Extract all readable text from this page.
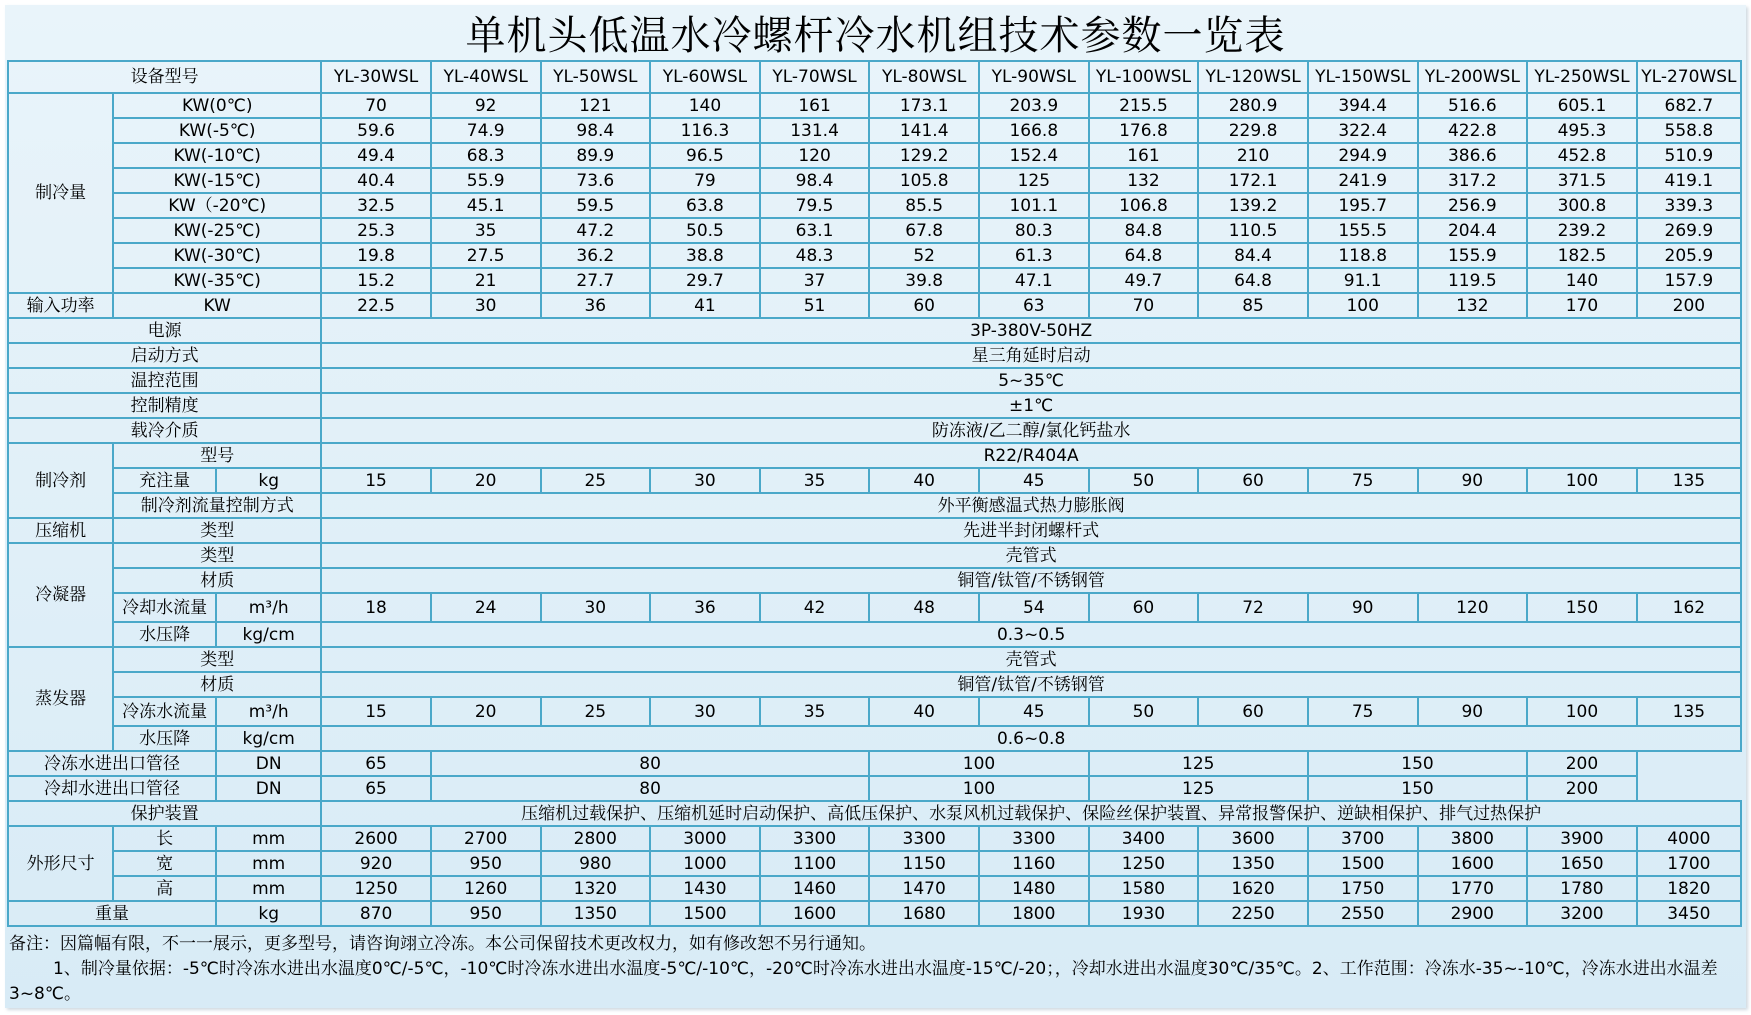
单机头低温水冷螺杆冷水机组技术参数一览表
设备型号			YL-30WSL	YL-40WSL	YL-50WSL	YL-60WSL	YL-70WSL	YL-80WSL	YL-90WSL	YL-100WSL	YL-120WSL	YL-150WSL	YL-200WSL	YL-250WSL	YL-270WSL
制冷量	KW(0℃)		70	92	121	140	161	173.1	203.9	215.5	280.9	394.4	516.6	605.1	682.7
	KW(-5℃)		59.6	74.9	98.4	116.3	131.4	141.4	166.8	176.8	229.8	322.4	422.8	495.3	558.8
	KW(-10℃)		49.4	68.3	89.9	96.5	120	129.2	152.4	161	210	294.9	386.6	452.8	510.9
	KW(-15℃)		40.4	55.9	73.6	79	98.4	105.8	125	132	172.1	241.9	317.2	371.5	419.1
	KW（-20℃)		32.5	45.1	59.5	63.8	79.5	85.5	101.1	106.8	139.2	195.7	256.9	300.8	339.3
	KW(-25℃)		25.3	35	47.2	50.5	63.1	67.8	80.3	84.8	110.5	155.5	204.4	239.2	269.9
	KW(-30℃)		19.8	27.5	36.2	38.8	48.3	52	61.3	64.8	84.4	118.8	155.9	182.5	205.9
	KW(-35℃)		15.2	21	27.7	29.7	37	39.8	47.1	49.7	64.8	91.1	119.5	140	157.9
输入功率	KW		22.5	30	36	41	51	60	63	70	85	100	132	170	200
电源			3P-380V-50HZ												
启动方式			星三角延时启动												
温控范围			5~35℃												
控制精度			±1℃												
载冷介质			防冻液/乙二醇/氯化钙盐水												
制冷剂	型号		R22/R404A												
	充注量	kg	15	20	25	30	35	40	45	50	60	75	90	100	135
	制冷剂流量控制方式		外平衡感温式热力膨胀阀												
压缩机	类型		先进半封闭螺杆式												
冷凝器	类型		壳管式												
	材质		铜管/钛管/不锈钢管												
	冷却水流量	m³/h	18	24	30	36	42	48	54	60	72	90	120	150	162
	水压降	kg/cm	0.3~0.5												
蒸发器	类型		壳管式												
	材质		铜管/钛管/不锈钢管												
	冷冻水流量	m³/h	15	20	25	30	35	40	45	50	60	75	90	100	135
	水压降	kg/cm	0.6~0.8												
冷冻水进出口管径		DN	65	80				100		125		150		200	
冷却水进出口管径		DN	65	80				100		125		150		200	
保护装置			压缩机过载保护、压缩机延时启动保护、高低压保护、水泵风机过载保护、保险丝保护装置、异常报警保护、逆缺相保护、排气过热保护												
外形尺寸	长	mm	2600	2700	2800	3000	3300	3300	3300	3400	3600	3700	3800	3900	4000
	宽	mm	920	950	980	1000	1100	1150	1160	1250	1350	1500	1600	1650	1700
	高	mm	1250	1260	1320	1430	1460	1470	1480	1580	1620	1750	1770	1780	1820
重量		kg	870	950	1350	1500	1600	1680	1800	1930	2250	2550	2900	3200	3450
备注：因篇幅有限，不一一展示，更多型号，请咨询翊立冷冻。本公司保留技术更改权力，如有修改恕不另行通知。
1、制冷量依据：-5℃时冷冻水进出水温度0℃/-5℃，-10℃时冷冻水进出水温度-5℃/-10℃，-20℃时冷冻水进出水温度-15℃/-20；，冷却水进出水温度30℃/35℃。2、工作范围：冷冻水-35~-10℃，冷冻水进出水温差3~8℃。
